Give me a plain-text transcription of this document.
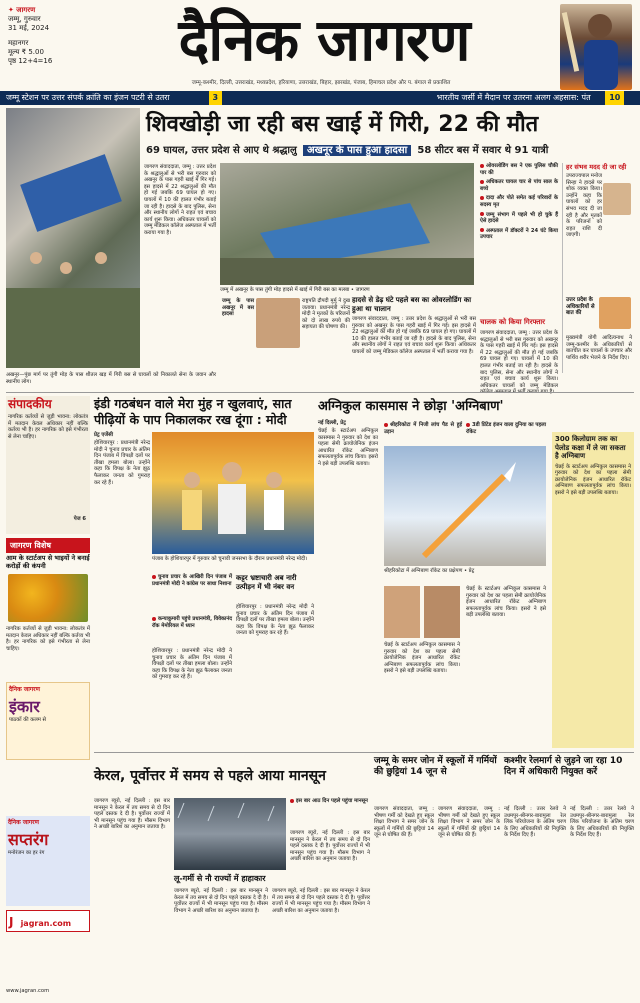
✦ जागरण
जम्मू, गुरुवार
31 मई, 2024
महानगर
मूल्य ₹ 5.00
पृष्ठ 12+4=16	दैनिक जागरण
जम्मू-कश्मीर, दिल्ली, उत्तराखंड, मध्यप्रदेश, हरियाणा, उत्तराखंड, बिहार, झारखंड, पंजाब, हिमाचल प्रदेश और प. बंगाल से प्रकाशित
जम्मू स्टेशन पर उत्तर संपर्क क्रांति का इंजन पटरी से उतरा	3	भारतीय जर्सी में मैदान पर उतरना अलग अहसास: पंत 10
शिवखोड़ी जा रही बस खाई में गिरी, 22 की मौत
69 घायल, उत्तर प्रदेश से आए थे श्रद्धालु अखनूर के पास हुआ हादसा 58 सीटर बस में सवार थे 91 यात्री
जागरण संवाददाता, जम्मू : उत्तर प्रदेश के श्रद्धालुओं से भरी बस गुरुवार को अखनूर के पास गहरी खाई में गिर गई। इस हादसे में 22 श्रद्धालुओं की मौत हो गई जबकि 69 घायल हो गए। घायलों में 10 की हालत गंभीर बताई जा रही है। हादसे के बाद पुलिस, सेना और स्थानीय लोगों ने राहत एवं बचाव कार्य शुरू किया। अधिकतर घायलों को जम्मू मेडिकल कॉलेज अस्पताल में भर्ती कराया गया है।
जम्मू में अखनूर के पास तुंगी मोड़ हादसे में खाई में गिरी बस का मलबा • जागरण
जम्मू के पास अखनूर में बस हादसा
राष्ट्रपति द्रौपदी मुर्मु ने दुख जताया। प्रधानमंत्री नरेन्द्र मोदी ने मृतकों के परिजनों को दो लाख रुपये की सहायता की घोषणा की।
हादसे से डेढ़ घंटे पहले बस का ओवरलोडिंग का हुआ था चालान
जागरण संवाददाता, जम्मू : उत्तर प्रदेश के श्रद्धालुओं से भरी बस गुरुवार को अखनूर के पास गहरी खाई में गिर गई। इस हादसे में 22 श्रद्धालुओं की मौत हो गई जबकि 69 घायल हो गए। घायलों में 10 की हालत गंभीर बताई जा रही है। हादसे के बाद पुलिस, सेना और स्थानीय लोगों ने राहत एवं बचाव कार्य शुरू किया। अधिकतर घायलों को जम्मू मेडिकल कॉलेज अस्पताल में भर्ती कराया गया है।
ओवरलोडिंग बस ने एक पुलिस चौकी पार की
अधिकतर घायल चार से पांच साल के बच्चे
दादा और पोते समेत कई परिवारों के सदस्य मृत
जम्मू संभाग में पहले भी हो चुके हैं ऐसे हादसे
अस्पताल में डॉक्टरों ने 24 घंटे किया उपचार
चालक को किया गिरफ्तार
जागरण संवाददाता, जम्मू : उत्तर प्रदेश के श्रद्धालुओं से भरी बस गुरुवार को अखनूर के पास गहरी खाई में गिर गई। इस हादसे में 22 श्रद्धालुओं की मौत हो गई जबकि 69 घायल हो गए। घायलों में 10 की हालत गंभीर बताई जा रही है। हादसे के बाद पुलिस, सेना और स्थानीय लोगों ने राहत एवं बचाव कार्य शुरू किया। अधिकतर घायलों को जम्मू मेडिकल
हर संभव मदद दी जा रही
उपराज्यपाल मनोज सिन्हा ने हादसे पर शोक व्यक्त किया। उन्होंने कहा कि घायलों को हर संभव मदद दी जा रही है और मृतकों के परिजनों को राहत राशि दी जाएगी।
उत्तर प्रदेश के अधिकारियों से बात की
मुख्यमंत्री योगी आदित्यनाथ ने जम्मू-कश्मीर के अधिकारियों से बातचीत कर घायलों के उपचार और पार्थिव शरीर भेजने के निर्देश दिए।
अखनूर—पुंछ मार्ग पर तुंगी मोड़ के पास शीतल खड़ में गिरी बस से घायलों को निकालते सेना के जवान और स्थानीय लोग।
संपादकीय
नागरिक कर्तव्यों से जुड़ी भावना: लोकतंत्र में मतदान केवल अधिकार नहीं बल्कि कर्तव्य भी है। हर नागरिक को इसे गंभीरता से लेना चाहिए।
पेज 6
जागरण विशेष
आम के स्टार्टअप से भाइयों ने बनाई करोड़ों की कंपनी
नागरिक कर्तव्यों से जुड़ी भावना: लोकतंत्र में मतदान केवल अधिकार नहीं बल्कि कर्तव्य भी है। हर नागरिक को इसे गंभीरता से लेना चाहिए।
दैनिक जागरण
इंकार
पाठकों की कलम से
दैनिक जागरण
सप्तरंग
मनोरंजन का हर रंग
J jagran.com
www.jagran.com
इंडी गठबंधन वाले मेरा मुंह न खुलवाएं, सात पीढ़ियों के पाप निकालकर रख दूंगा : मोदी
प्रेट्र एजेंसी
होशियारपुर : प्रधानमंत्री नरेन्द्र मोदी ने चुनाव प्रचार के अंतिम दिन पंजाब में विपक्षी दलों पर तीखा हमला बोला। उन्होंने कहा कि विपक्ष के नेता झूठ फैलाकर जनता को गुमराह कर रहे हैं।
पंजाब के होशियारपुर में गुरुवार को चुनावी जनसभा के दौरान प्रधानमंत्री नरेन्द्र मोदी।
चुनाव प्रचार के आखिरी दिन पंजाब में प्रधानमंत्री मोदी ने कांग्रेस पर साधा निशाना
कन्याकुमारी पहुंचे प्रधानमंत्री, विवेकानंद रॉक मेमोरियल में ध्यान
होशियारपुर : प्रधानमंत्री नरेन्द्र मोदी ने चुनाव प्रचार के अंतिम दिन पंजाब में विपक्षी दलों पर तीखा हमला बोला। उन्होंने कहा कि विपक्ष के नेता झूठ फैलाकर जनता को गुमराह कर रहे हैं।
कट्टर भ्रष्टाचारी अब नारी उत्पीड़न में भी नंबर वन
होशियारपुर : प्रधानमंत्री नरेन्द्र मोदी ने चुनाव प्रचार के अंतिम दिन पंजाब में विपक्षी दलों पर तीखा हमला बोला। उन्होंने कहा कि विपक्ष के नेता झूठ फैलाकर जनता को गुमराह कर रहे हैं।
अग्निकुल कासमास ने छोड़ा 'अग्निबाण'
नई दिल्ली, प्रेट्र
चेन्नई के स्टार्टअप अग्निकुल कासमास ने गुरुवार को देश का पहला सेमी क्रायोजेनिक इंजन आधारित रॉकेट अग्निबाण सफलतापूर्वक लांच किया। इसरो ने इसे बड़ी उपलब्धि बताया।
श्रीहरिकोटा में निजी लांच पैड से हुई उड़ान
3डी प्रिंटेड इंजन वाला दुनिया का पहला रॉकेट
श्रीहरिकोटा में अग्निबाण रॉकेट का प्रक्षेपण • प्रेट्र
चेन्नई के स्टार्टअप अग्निकुल कासमास ने गुरुवार को देश का पहला सेमी क्रायोजेनिक इंजन आधारित रॉकेट अग्निबाण सफलतापूर्वक लांच किया। इसरो ने इसे बड़ी उपलब्धि बताया।
चेन्नई के स्टार्टअप अग्निकुल कासमास ने गुरुवार को देश का पहला सेमी क्रायोजेनिक इंजन आधारित रॉकेट अग्निबाण सफलतापूर्वक लांच किया। इसरो ने इसे बड़ी उपलब्धि बताया।
300 किलोग्राम तक का पेलोड कक्षा में ले जा सकता है अग्निबाण
चेन्नई के स्टार्टअप अग्निकुल कासमास ने गुरुवार को देश का पहला सेमी क्रायोजेनिक इंजन आधारित रॉकेट अग्निबाण सफलतापूर्वक लांच किया। इसरो ने इसे बड़ी उपलब्धि बताया।
केरल, पूर्वोत्तर में समय से पहले आया मानसून
जागरण ब्यूरो, नई दिल्ली : इस बार मानसून ने केरल में तय समय से दो दिन पहले दस्तक दे दी है। पूर्वोत्तर राज्यों में भी मानसून पहुंच गया है। मौसम विभाग ने अच्छी बारिश का अनुमान जताया है।
इस बार आठ दिन पहले पहुंचा मानसून
लू-गर्मी से नौ राज्यों में हाहाकार
जागरण ब्यूरो, नई दिल्ली : इस बार मानसून ने केरल में तय समय से दो दिन पहले दस्तक दे दी है। पूर्वोत्तर राज्यों में भी मानसून पहुंच गया है। मौसम विभाग ने अच्छी बारिश का अनुमान जताया है।
जागरण ब्यूरो, नई दिल्ली : इस बार मानसून ने केरल में तय समय से दो दिन पहले दस्तक दे दी है। पूर्वोत्तर राज्यों में भी मानसून पहुंच गया है। मौसम विभाग ने अच्छी बारिश का अनुमान जताया है।
जागरण ब्यूरो, नई दिल्ली : इस बार मानसून ने केरल में तय समय से दो दिन पहले दस्तक दे दी है। पूर्वोत्तर राज्यों में भी मानसून पहुंच गया है। मौसम विभाग ने अच्छी बारिश का अनुमान जताया है।
जम्मू के समर जोन में स्कूलों में गर्मियों की छुट्टियां 14 जून से
जागरण संवाददाता, जम्मू : भीषण गर्मी को देखते हुए स्कूल शिक्षा विभाग ने समर जोन के स्कूलों में गर्मियों की छुट्टियां 14 जून से घोषित की हैं।
जागरण संवाददाता, जम्मू : भीषण गर्मी को देखते हुए स्कूल शिक्षा विभाग ने समर जोन के स्कूलों में गर्मियों की छुट्टियां 14 जून से घोषित की हैं।
कश्मीर रेलमार्ग से जुड़ने जा रहा 10 दिन में अधिकारी नियुक्त करें
नई दिल्ली : उत्तर रेलवे ने उधमपुर-श्रीनगर-बारामुला रेल लिंक परियोजना के अंतिम चरण के लिए अधिकारियों की नियुक्ति के निर्देश दिए हैं।
नई दिल्ली : उत्तर रेलवे ने उधमपुर-श्रीनगर-बारामुला रेल लिंक परियोजना के अंतिम चरण के लिए अधिकारियों की नियुक्ति के निर्देश दिए हैं।
